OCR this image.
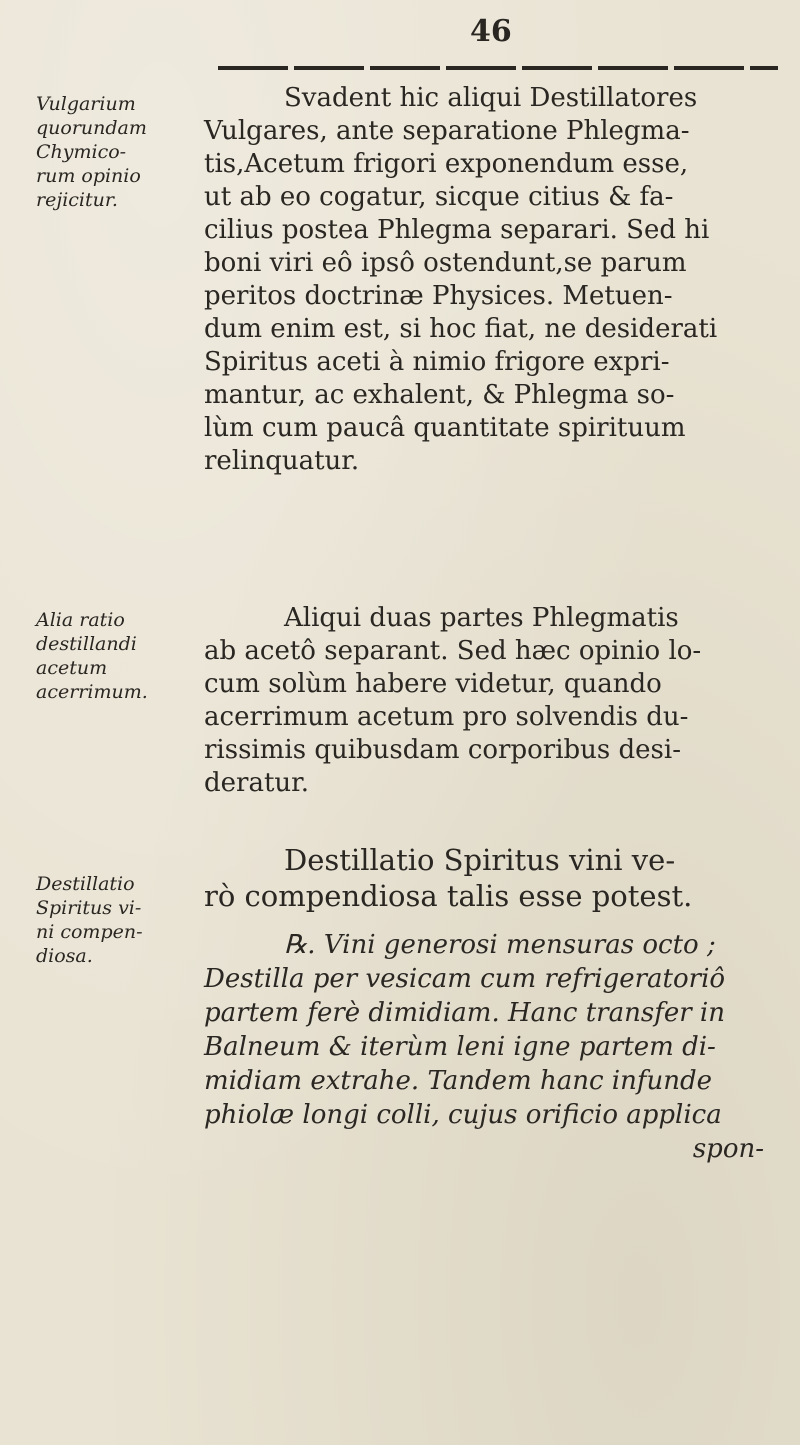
46
Vulgarium
quorundam
Chymico-
rum opinio
rejicitur.
Alia ratio
destillandi
acetum
acerrimum.
Destillatio
Spiritus vi-
ni compen-
diosa.
Svadent hic aliqui Destillatores
Vulgares, ante separatione Phlegma-
tis,Acetum frigori exponendum esse,
ut ab eo cogatur, sicque citius & fa-
cilius postea Phlegma separari. Sed hi
boni viri eô ipsô ostendunt,se parum
peritos doctrinæ Physices. Metuen-
dum enim est, si hoc fiat, ne desiderati
Spiritus aceti à nimio frigore expri-
mantur, ac exhalent, & Phlegma so-
lùm cum paucâ quantitate spirituum
relinquatur.
Aliqui duas partes Phlegmatis
ab acetô separant. Sed hæc opinio lo-
cum solùm habere videtur, quando
acerrimum acetum pro solvendis du-
rissimis quibusdam corporibus desi-
deratur.
Destillatio Spiritus vini ve-
rò compendiosa talis esse potest.
℞. Vini generosi mensuras octo ;
Destilla per vesicam cum refrigeratoriô
partem ferè dimidiam. Hanc transfer in
Balneum & iterùm leni igne partem di-
midiam extrahe. Tandem hanc infunde
phiolæ longi colli, cujus orificio applica
spon-
